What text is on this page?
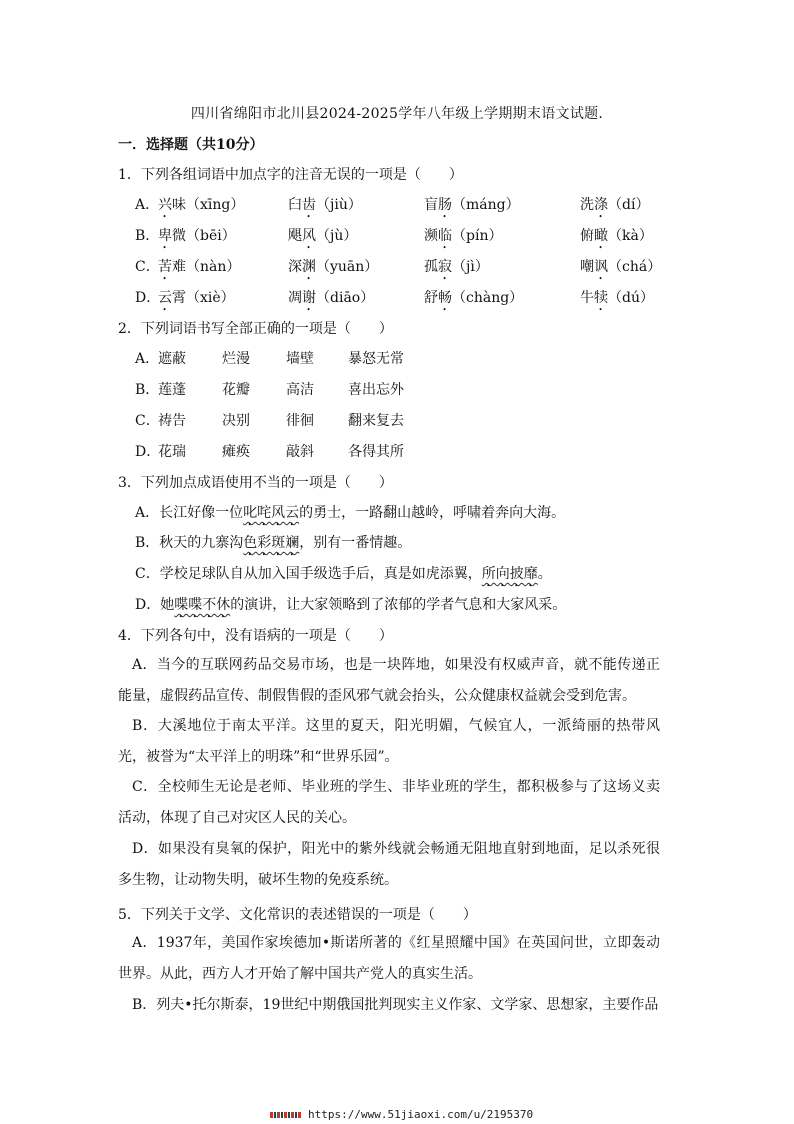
四川省绵阳市北川县2024-2025学年八年级上学期期末语文试题.
一．选择题（共10分）
1．下列各组词语中加点字的注音无误的一项是（　　）
A．
兴味（xīng）	臼齿（jiù）	盲肠（máng）	洗涤（dí）
B．
卑微（bēi）	飓风（jù）	濒临（pín）	俯瞰（kà）
C．
苦难（nàn）	深渊（yuān）	孤寂（jì）	嘲讽（chá）
D．
云霄（xiè）	凋谢（diāo）	舒畅（chàng）	牛犊（dú）
2．下列词语书写全部正确的一项是（　　）
A．
遮蔽	烂漫	墙壁 暴怒无常
B．
莲蓬	花瓣	高洁 喜出忘外
C．
祷告	决别	徘徊 翻来复去
D．
花瑞	瘫痪	敲斜 各得其所
3．下列加点成语使用不当的一项是（　　）
A．长江好像一位叱咤风云的勇士，一路翻山越岭，呼啸着奔向大海。
B．秋天的九寨沟色彩斑斓，别有一番情趣。
C．学校足球队自从加入国手级选手后，真是如虎添翼，所向披靡。
D．她喋喋不休的演讲，让大家领略到了浓郁的学者气息和大家风采。
4．下列各句中，没有语病的一项是（　　）
A．当今的互联网药品交易市场，也是一块阵地，如果没有权威声音，就不能传递正能量，虚假药品宣传、制假售假的歪风邪气就会抬头，公众健康权益就会受到危害。
B．大溪地位于南太平洋。这里的夏天，阳光明媚，气候宜人，一派绮丽的热带风光，被誉为“太平洋上的明珠”和“世界乐园”。
C．全校师生无论是老师、毕业班的学生、非毕业班的学生，都积极参与了这场义卖活动，体现了自己对灾区人民的关心。
D．如果没有臭氧的保护，阳光中的紫外线就会畅通无阻地直射到地面，足以杀死很多生物，让动物失明，破坏生物的免疫系统。
5．下列关于文学、文化常识的表述错误的一项是（　　）
A．1937年，美国作家埃德加•斯诺所著的《红星照耀中国》在英国问世，立即轰动世界。从此，西方人才开始了解中国共产党人的真实生活。
B．列夫•托尔斯泰，19世纪中期俄国批判现实主义作家、文学家、思想家，主要作品
https://www.51jiaoxi.com/u/2195370
